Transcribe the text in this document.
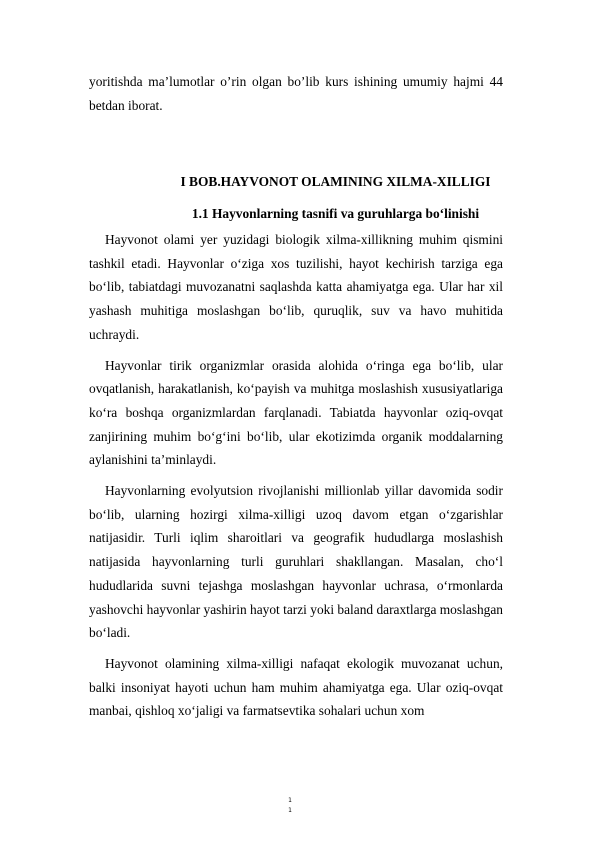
yoritishda ma’lumotlar o’rin olgan bo’lib kurs ishining umumiy hajmi 44 betdan iborat.
I BOB.HAYVONOT OLAMINING XILMA-XILLIGI
1.1 Hayvonlarning tasnifi va guruhlarga bo‘linishi

Hayvonot olami yer yuzidagi biologik xilma-xillikning muhim qismini tashkil etadi. Hayvonlar o‘ziga xos tuzilishi, hayot kechirish tarziga ega bo‘lib, tabiatdagi muvozanatni saqlashda katta ahamiyatga ega. Ular har xil yashash muhitiga moslashgan bo‘lib, quruqlik, suv va havo muhitida uchraydi.

Hayvonlar tirik organizmlar orasida alohida o‘ringa ega bo‘lib, ular ovqatlanish, harakatlanish, ko‘payish va muhitga moslashish xususiyatlariga ko‘ra boshqa organizmlardan farqlanadi. Tabiatda hayvonlar oziq-ovqat zanjirining muhim bo‘g‘ini bo‘lib, ular ekotizimda organik moddalarning aylanishini ta’minlaydi.

Hayvonlarning evolyutsion rivojlanishi millionlab yillar davomida sodir bo‘lib, ularning hozirgi xilma-xilligi uzoq davom etgan o‘zgarishlar natijasidir. Turli iqlim sharoitlari va geografik hududlarga moslashish natijasida hayvonlarning turli guruhlari shakllangan. Masalan, cho‘l hududlarida suvni tejashga moslashgan hayvonlar uchrasa, o‘rmonlarda yashovchi hayvonlar yashirin hayot tarzi yoki baland daraxtlarga moslashgan bo‘ladi.

Hayvonot olamining xilma-xilligi nafaqat ekologik muvozanat uchun, balki insoniyat hayoti uchun ham muhim ahamiyatga ega. Ular oziq-ovqat manbai, qishloq xo‘jaligi va farmatsevtika sohalari uchun xom

1
1
